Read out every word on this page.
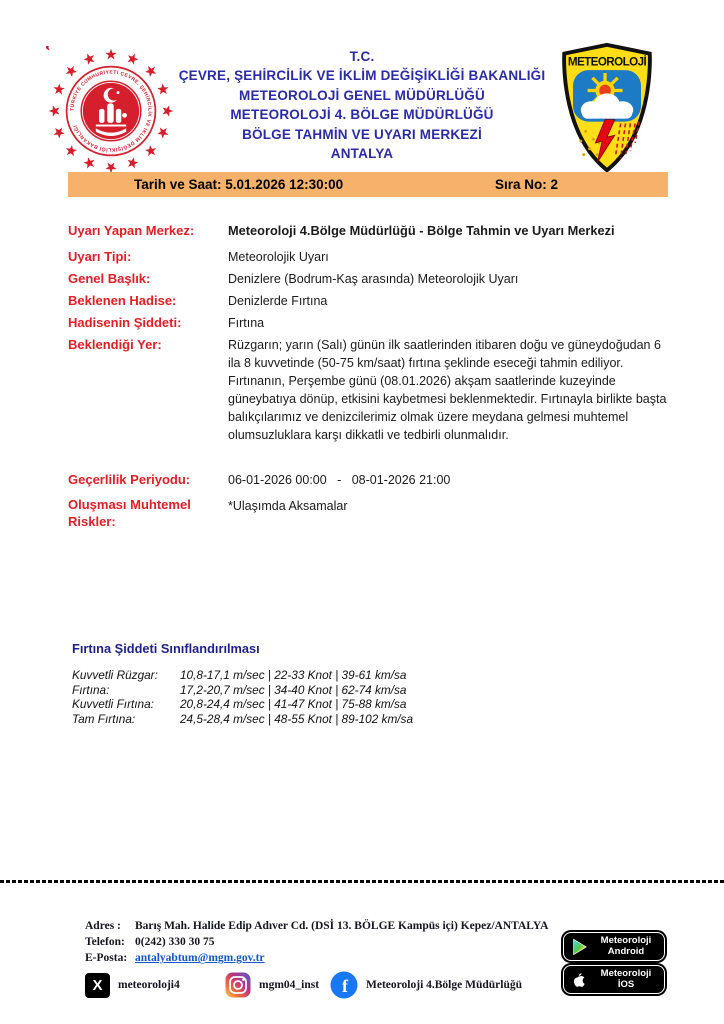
TÜRKİYE CUMHURİYETİ ÇEVRE, ŞEHİRCİLİK VE İKLİM DEĞİŞİKLİĞİ BAKANLIĞI
T.C.
ÇEVRE, ŞEHİRCİLİK VE İKLİM DEĞİŞİKLİĞİ BAKANLIĞI
METEOROLOJİ GENEL MÜDÜRLÜĞÜ
METEOROLOJİ 4. BÖLGE MÜDÜRLÜĞÜ
BÖLGE TAHMİN VE UYARI MERKEZİ
ANTALYA
METEOROLOJİ
Tarih ve Saat: 5.01.2026 12:30:00	Sıra No: 2
Uyarı Yapan Merkez:	Meteoroloji 4.Bölge Müdürlüğü - Bölge Tahmin ve Uyarı Merkezi
Uyarı Tipi:	Meteorolojik Uyarı
Genel Başlık:	Denizlere (Bodrum-Kaş arasında) Meteorolojik Uyarı
Beklenen Hadise:	Denizlerde Fırtına
Hadisenin Şiddeti:	Fırtına
Beklendiği Yer:	Rüzgarın; yarın (Salı) günün ilk saatlerinden itibaren doğu ve güneydoğudan 6 ila 8 kuvvetinde (50-75 km/saat) fırtına şeklinde eseceği tahmin ediliyor. Fırtınanın, Perşembe günü (08.01.2026) akşam saatlerinde kuzeyinde güneybatıya dönüp, etkisini kaybetmesi beklenmektedir. Fırtınayla birlikte başta balıkçılarımız ve denizcilerimiz olmak üzere meydana gelmesi muhtemel olumsuzluklara karşı dikkatli ve tedbirli olunmalıdır.
Geçerlilik Periyodu:	06-01-2026 00:00   -   08-01-2026 21:00
Oluşması Muhtemel Riskler:
*Ulaşımda Aksamalar
Fırtına Şiddeti Sınıflandırılması
Kuvvetli Rüzgar:	10,8-17,1 m/sec | 22-33 Knot | 39-61 km/sa
Fırtına:	17,2-20,7 m/sec | 34-40 Knot | 62-74 km/sa
Kuvvetli Fırtına:	20,8-24,4 m/sec | 41-47 Knot | 75-88 km/sa
Tam Fırtına:	24,5-28,4 m/sec | 48-55 Knot | 89-102 km/sa
Adres :	Barış Mah. Halide Edip Adıver Cd. (DSİ 13. BÖLGE Kampüs içi) Kepez/ANTALYA
Telefon: 0(242) 330 30 75
E-Posta: antalyabtum@mgm.gov.tr
X	meteoroloji4	mgm04_inst f Meteoroloji 4.Bölge Müdürlüğü
Meteoroloji
Android
Meteoroloji
İOS
